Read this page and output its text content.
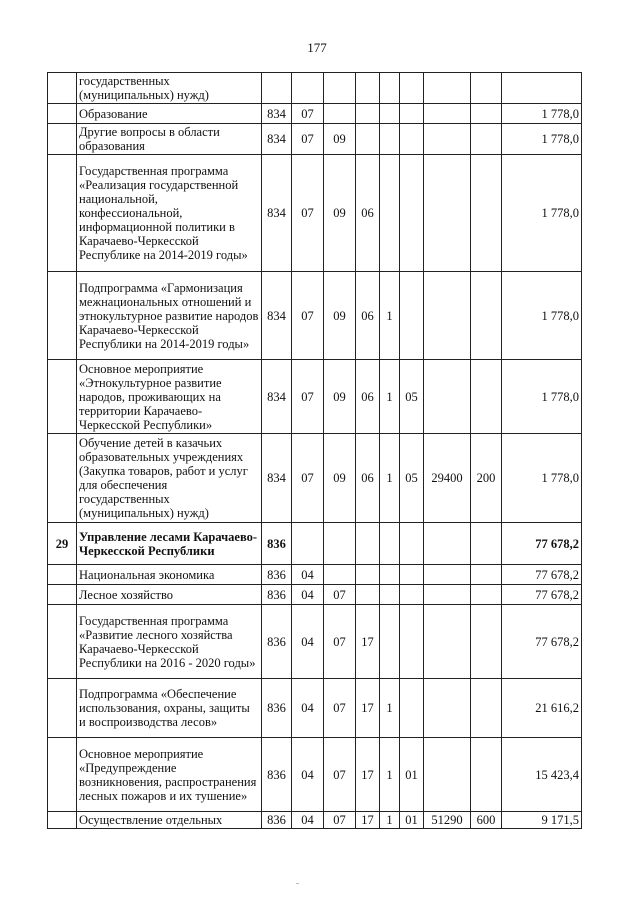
177
	государственных (муниципальных) нужд)									
	Образование	834	07							1 778,0
	Другие вопросы в области образования	834	07	09						1 778,0
	Государственная программа «Реализация государственной национальной, конфессиональной, информационной политики в Карачаево-Черкесской Республике на 2014-2019 годы»	834	07	09	06					1 778,0
	Подпрограмма «Гармонизация межнациональных отношений и этнокультурное развитие народов Карачаево-Черкесской Республики на 2014-2019 годы»	834	07	09	06	1				1 778,0
	Основное мероприятие «Этнокультурное развитие народов, проживающих на территории Карачаево-Черкесской Республики»	834	07	09	06	1	05			1 778,0
	Обучение детей в казачьих образовательных учреждениях (Закупка товаров, работ и услуг для обеспечения государственных (муниципальных) нужд)	834	07	09	06	1	05	29400	200	1 778,0
29	Управление лесами Карачаево-Черкесской Республики	836								77 678,2
	Национальная экономика	836	04							77 678,2
	Лесное хозяйство	836	04	07						77 678,2
	Государственная программа «Развитие лесного хозяйства Карачаево-Черкесской Республики на 2016 - 2020 годы»	836	04	07	17					77 678,2
	Подпрограмма «Обеспечение использования, охраны, защиты и воспроизводства лесов»	836	04	07	17	1				21 616,2
	Основное мероприятие «Предупреждение возникновения, распространения лесных пожаров и их тушение»	836	04	07	17	1	01			15 423,4
	Осуществление отдельных	836	04	07	17	1	01	51290	600	9 171,5
